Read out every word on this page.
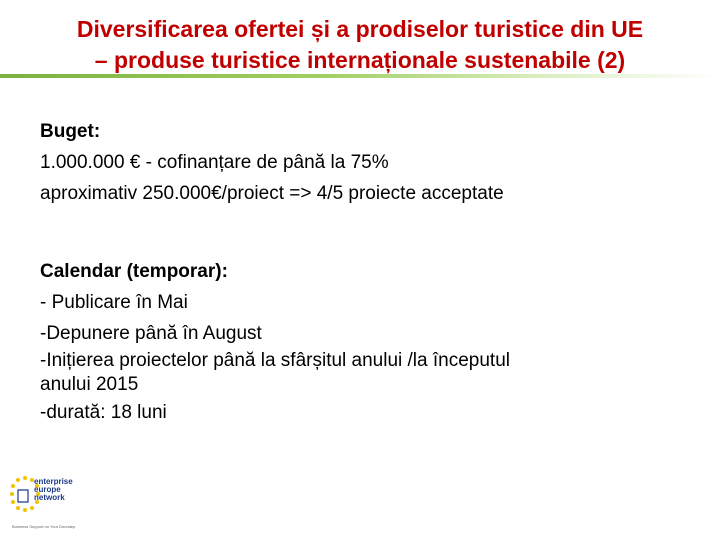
Diversificarea ofertei și a prodiselor turistice din UE
– produse turistice internaționale sustenabile (2)
Buget:
1.000.000 € - cofinanțare de până la 75%
aproximativ 250.000€/proiect => 4/5 proiecte acceptate
Calendar (temporar):
- Publicare în Mai
-Depunere până în August
-Inițierea proiectelor până la sfârșitul anului /la începutul
anului 2015
-durată: 18 luni
enterprise
europe
network
Business Support on Your Doorstep
